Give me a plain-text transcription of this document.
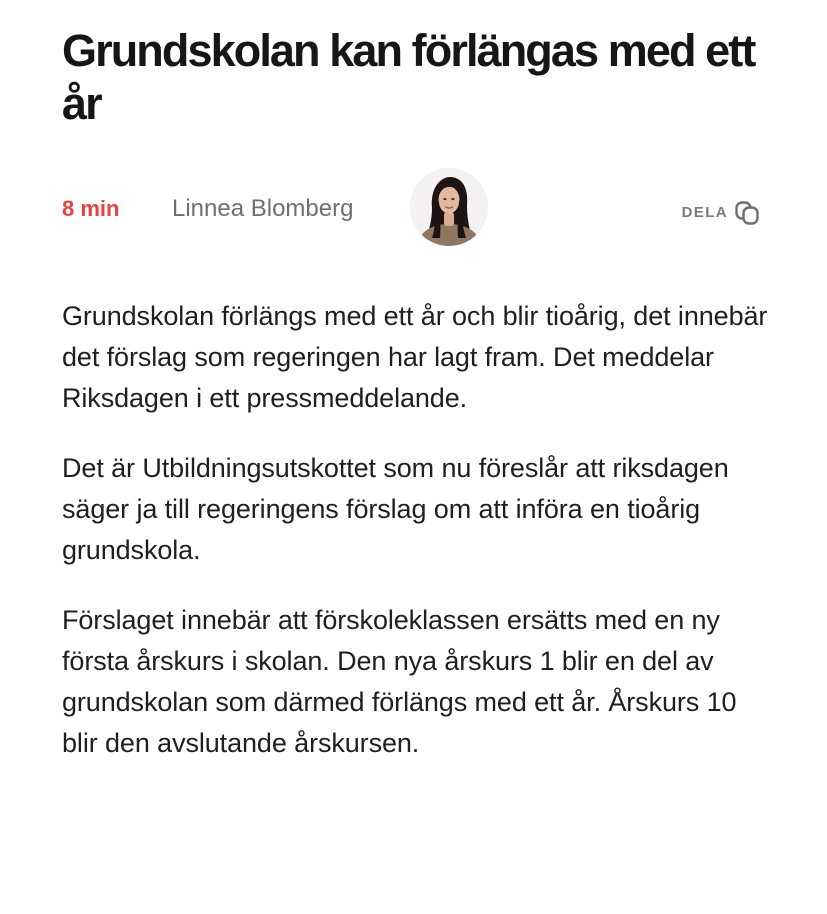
Grundskolan kan förlängas med ett år
8 min Linnea Blomberg	DELA

Grundskolan förlängs med ett år och blir tioårig, det innebär det förslag som regeringen har lagt fram. Det meddelar Riksdagen i ett pressmeddelande.

Det är Utbildningsutskottet som nu föreslår att riksdagen säger ja till regeringens förslag om att införa en tioårig grundskola.

Förslaget innebär att förskoleklassen ersätts med en ny första årskurs i skolan. Den nya årskurs 1 blir en del av grundskolan som därmed förlängs med ett år. Årskurs 10 blir den avslutande årskursen.
